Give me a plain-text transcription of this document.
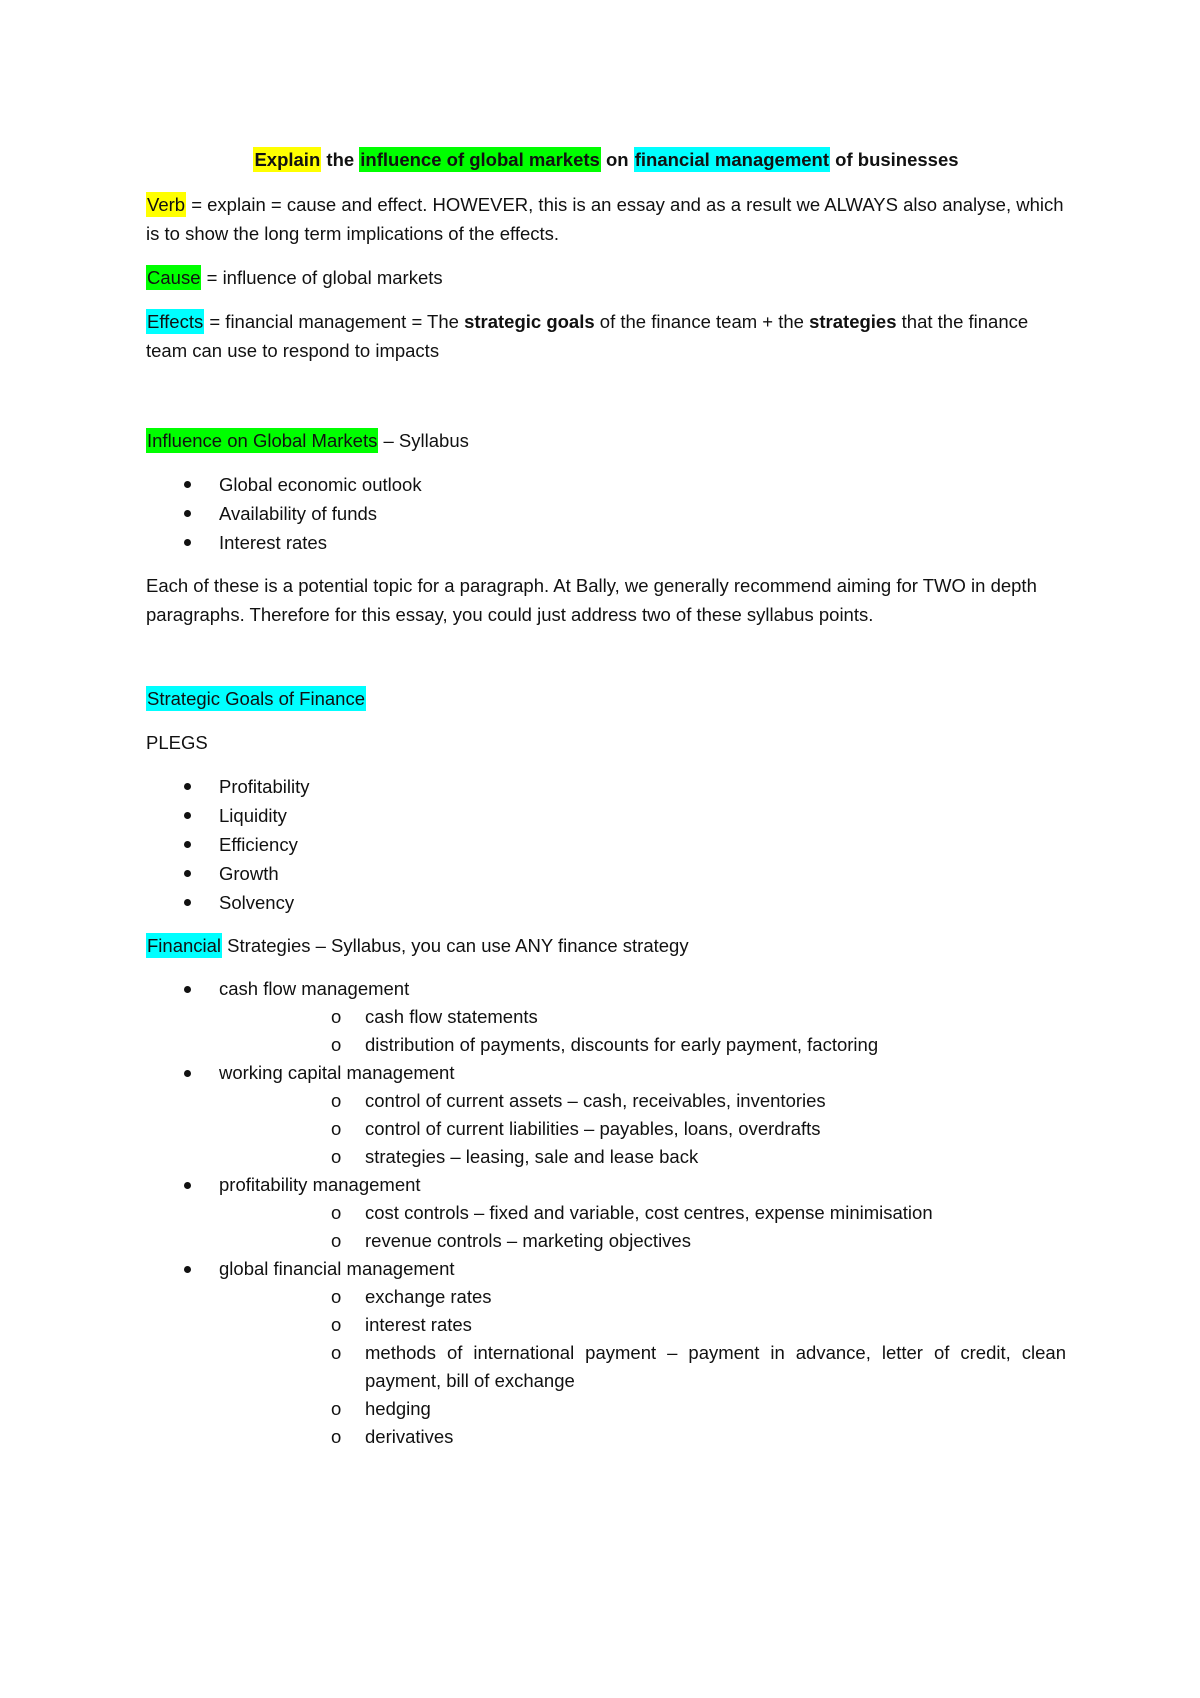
Explain the influence of global markets on financial management of businesses

Verb = explain = cause and effect. HOWEVER, this is an essay and as a result we ALWAYS also analyse, which is to show the long term implications of the effects.

Cause = influence of global markets

Effects = financial management = The strategic goals of the finance team + the strategies that the finance team can use to respond to impacts

Influence on Global Markets – Syllabus

Global economic outlook
Availability of funds
Interest rates

Each of these is a potential topic for a paragraph. At Bally, we generally recommend aiming for TWO in depth paragraphs. Therefore for this essay, you could just address two of these syllabus points.

Strategic Goals of Finance

PLEGS

Profitability
Liquidity
Efficiency
Growth
Solvency

Financial Strategies – Syllabus, you can use ANY finance strategy

cash flow management
o cash flow statements
o distribution of payments, discounts for early payment, factoring
working capital management
o control of current assets – cash, receivables, inventories
o control of current liabilities – payables, loans, overdrafts
o strategies – leasing, sale and lease back
profitability management
o cost controls – fixed and variable, cost centres, expense minimisation
o revenue controls – marketing objectives
global financial management
o exchange rates
o interest rates
o methods of international payment – payment in advance, letter of credit, clean payment, bill of exchange
o hedging
o derivatives
